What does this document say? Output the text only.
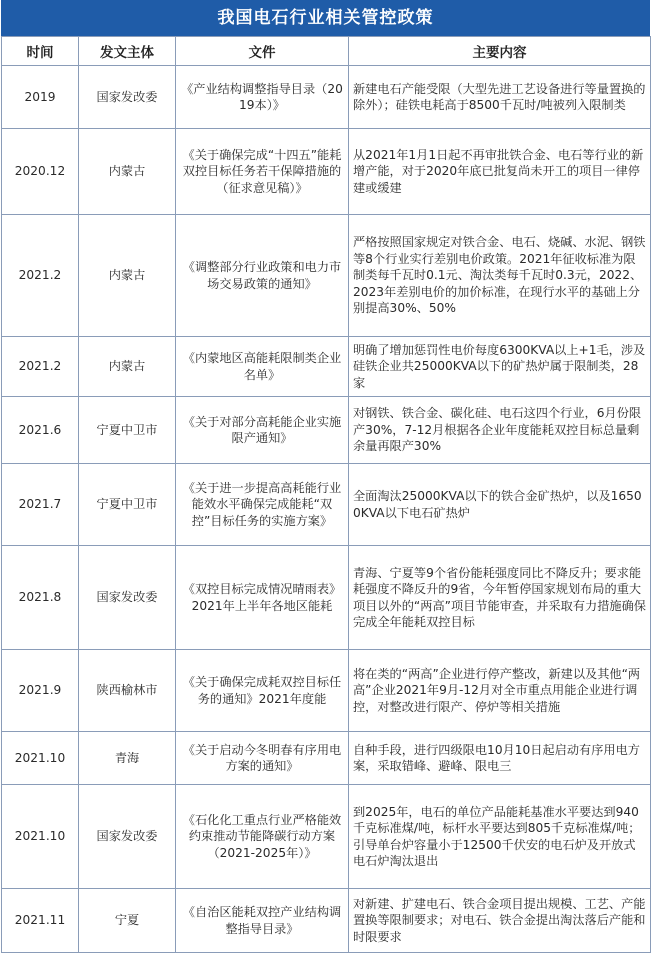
我国电石行业相关管控政策
时间	发文主体	文件	主要内容
2019	国家发改委	《产业结构调整指导目录（2019本）》	新建电石产能受限（大型先进工艺设备进行等量置换的除外）；硅铁电耗高于8500千瓦时/吨被列入限制类
2020.12	内蒙古	《关于确保完成“十四五”能耗双控目标任务若干保障措施的（征求意见稿）》	从2021年1月1日起不再审批铁合金、电石等行业的新增产能，对于2020年底已批复尚未开工的项目一律停建或缓建
2021.2	内蒙古	《调整部分行业政策和电力市场交易政策的通知》	严格按照国家规定对铁合金、电石、烧碱、水泥、钢铁等8个行业实行差别电价政策。2021年征收标准为限制类每千瓦时0.1元、淘汰类每千瓦时0.3元，2022、2023年差别电价的加价标准，在现行水平的基础上分别提高30%、50%
2021.2	内蒙古	《内蒙地区高能耗限制类企业名单》	明确了增加惩罚性电价每度6300KVA以上+1毛，涉及硅铁企业共25000KVA以下的矿热炉属于限制类，28家
2021.6	宁夏中卫市	《关于对部分高耗能企业实施限产通知》	对钢铁、铁合金、碳化硅、电石这四个行业，6月份限产30%，7-12月根据各企业年度能耗双控目标总量剩余量再限产30%
2021.7	宁夏中卫市	《关于进一步提高高耗能行业能效水平确保完成能耗“双控”目标任务的实施方案》	全面淘汰25000KVA以下的铁合金矿热炉，以及16500KVA以下电石矿热炉
2021.8	国家发改委	《双控目标完成情况晴雨表》2021年上半年各地区能耗	青海、宁夏等9个省份能耗强度同比不降反升；要求能耗强度不降反升的9省，今年暂停国家规划布局的重大项目以外的“两高”项目节能审查，并采取有力措施确保完成全年能耗双控目标
2021.9	陕西榆林市	《关于确保完成耗双控目标任务的通知》2021年度能	将在类的“两高”企业进行停产整改，新建以及其他“两高”企业2021年9月-12月对全市重点用能企业进行调控，对整改进行限产、停炉等相关措施
2021.10	青海	《关于启动今冬明春有序用电方案的通知》	自种手段，进行四级限电10月10日起启动有序用电方案，采取错峰、避峰、限电三
2021.10	国家发改委	《石化化工重点行业严格能效约束推动节能降碳行动方案（2021-2025年）》	到2025年，电石的单位产品能耗基准水平要达到940千克标准煤/吨，标杆水平要达到805千克标准煤/吨；引导单台炉容量小于12500千伏安的电石炉及开放式电石炉淘汰退出
2021.11	宁夏	《自治区能耗双控产业结构调整指导目录》	对新建、扩建电石、铁合金项目提出规模、工艺、产能置换等限制要求；对电石、铁合金提出淘汰落后产能和时限要求
